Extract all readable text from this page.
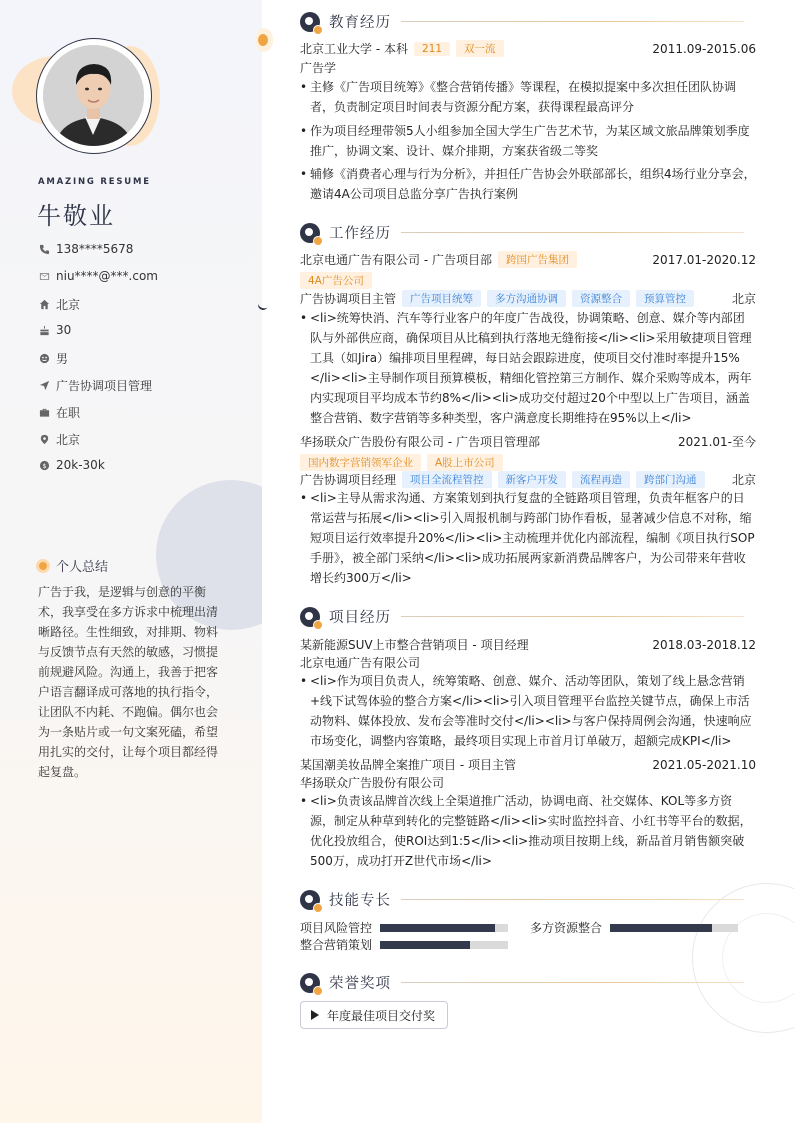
AMAZING RESUME
牛敬业
138****5678
niu****@***.com
北京
30
男
广告协调项目管理
在职
北京
$ 20k-30k
个人总结
广告于我，是逻辑与创意的平衡术，我享受在多方诉求中梳理出清晰路径。生性细致，对排期、物料与反馈节点有天然的敏感，习惯提前规避风险。沟通上，我善于把客户语言翻译成可落地的执行指令，让团队不内耗、不跑偏。偶尔也会为一条贴片或一句文案死磕，希望用扎实的交付，让每个项目都经得起复盘。
教育经历
北京工业大学 - 本科	211	双一流	2011.09-2015.06
广告学
• 主修《广告项目统筹》《整合营销传播》等课程，在模拟提案中多次担任团队协调者，负责制定项目时间表与资源分配方案，获得课程最高评分
• 作为项目经理带领5人小组参加全国大学生广告艺术节，为某区域文旅品牌策划季度推广，协调文案、设计、媒介排期，方案获省级二等奖
• 辅修《消费者心理与行为分析》，并担任广告协会外联部部长，组织4场行业分享会，邀请4A公司项目总监分享广告执行案例
工作经历
北京电通广告有限公司 - 广告项目部	跨国广告集团	2017.01-2020.12
4A广告公司
广告协调项目主管	广告项目统筹	多方沟通协调	资源整合	预算管控	北京
• <li>统筹快消、汽车等行业客户的年度广告战役，协调策略、创意、媒介等内部团队与外部供应商，确保项目从比稿到执行落地无缝衔接</li><li>采用敏捷项目管理工具（如Jira）编排项目里程碑，每日站会跟踪进度，使项目交付准时率提升15%</li><li>主导制作项目预算模板，精细化管控第三方制作、媒介采购等成本，两年内实现项目平均成本节约8%</li><li>成功交付超过20个中型以上广告项目，涵盖整合营销、数字营销等多种类型，客户满意度长期维持在95%以上</li>
华扬联众广告股份有限公司 - 广告项目管理部	2021.01-至今
国内数字营销领军企业	A股上市公司
广告协调项目经理	项目全流程管控	新客户开发	流程再造	跨部门沟通	北京
• <li>主导从需求沟通、方案策划到执行复盘的全链路项目管理，负责年框客户的日常运营与拓展</li><li>引入周报机制与跨部门协作看板，显著减少信息不对称，缩短项目运行效率提升20%</li><li>主动梳理并优化内部流程，编制《项目执行SOP手册》，被全部门采纳</li><li>成功拓展两家新消费品牌客户，为公司带来年营收增长约300万</li>
项目经历
某新能源SUV上市整合营销项目 - 项目经理	2018.03-2018.12
北京电通广告有限公司
• <li>作为项目负责人，统筹策略、创意、媒介、活动等团队，策划了线上悬念营销+线下试驾体验的整合方案</li><li>引入项目管理平台监控关键节点，确保上市活动物料、媒体投放、发布会等准时交付</li><li>与客户保持周例会沟通，快速响应市场变化，调整内容策略，最终项目实现上市首月订单破万，超额完成KPI</li>
某国潮美妆品牌全案推广项目 - 项目主管	2021.05-2021.10
华扬联众广告股份有限公司
• <li>负责该品牌首次线上全渠道推广活动，协调电商、社交媒体、KOL等多方资源，制定从种草到转化的完整链路</li><li>实时监控抖音、小红书等平台的数据，优化投放组合，使ROI达到1:5</li><li>推动项目按期上线，新品首月销售额突破500万，成功打开Z世代市场</li>
技能专长
项目风险管控	多方资源整合
整合营销策划
荣誉奖项
年度最佳项目交付奖
